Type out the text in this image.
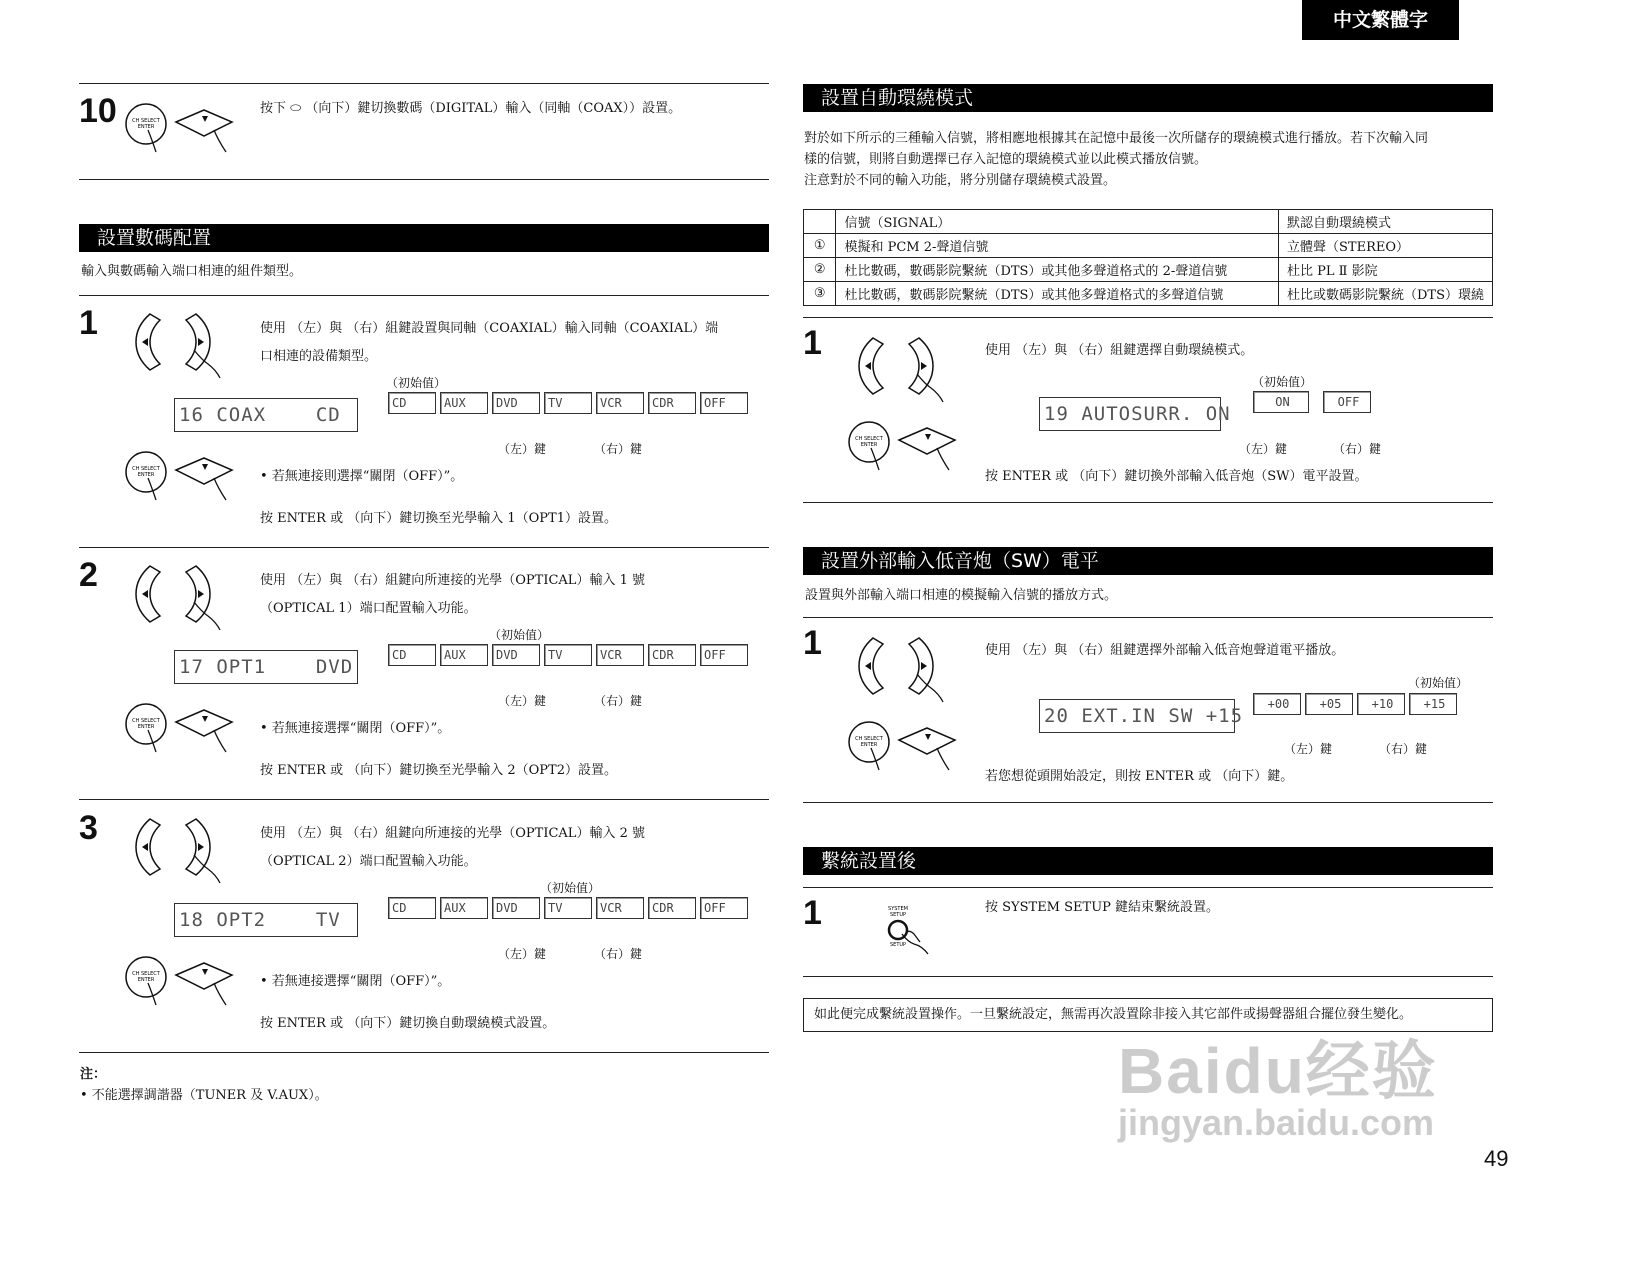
中文繁體字
10	CH SELECT
ENTER
按下 ⬭ （向下）鍵切換數碼（DIGITAL）輸入（同軸（COAX））設置。
設置數碼配置
輸入與數碼輸入端口相連的組件類型。
1	使用 （左）與 （右）組鍵設置與同軸（COAXIAL）輸入同軸（COAXIAL）端
口相連的設備類型。
（初始值）
16 COAX    CD
CD	AUX	DVD	TV	VCR	CDR	OFF
（左）鍵	（右）鍵
CH SELECT
ENTER	• 若無連接則選擇“關閉（OFF）”。
按 ENTER 或 （向下）鍵切換至光學輸入 1（OPT1）設置。
2	使用 （左）與 （右）組鍵向所連接的光學（OPTICAL）輸入 1 號
（OPTICAL 1）端口配置輸入功能。
（初始值）
17 OPT1    DVD
CD	AUX	DVD	TV	VCR	CDR	OFF
（左）鍵	（右）鍵
CH SELECT
ENTER	• 若無連接選擇“關閉（OFF）”。
按 ENTER 或 （向下）鍵切換至光學輸入 2（OPT2）設置。
3	使用 （左）與 （右）組鍵向所連接的光學（OPTICAL）輸入 2 號
（OPTICAL 2）端口配置輸入功能。
（初始值）
18 OPT2    TV
CD	AUX	DVD	TV	VCR	CDR	OFF
（左）鍵	（右）鍵
CH SELECT
ENTER	• 若無連接選擇“關閉（OFF）”。
按 ENTER 或 （向下）鍵切換自動環繞模式設置。
注：
• 不能選擇調諧器（TUNER 及 V.AUX）。
設置自動環繞模式
對於如下所示的三種輸入信號，將相應地根據其在記憶中最後一次所儲存的環繞模式進行播放。若下次輸入同
樣的信號，則將自動選擇已存入記憶的環繞模式並以此模式播放信號。
注意對於不同的輸入功能，將分別儲存環繞模式設置。
	信號（SIGNAL）	默認自動環繞模式
①	模擬和 PCM 2-聲道信號	立體聲（STEREO）
②	杜比數碼，數碼影院繫統（DTS）或其他多聲道格式的 2-聲道信號	杜比 PL Ⅱ 影院
③	杜比數碼，數碼影院繫統（DTS）或其他多聲道格式的多聲道信號	杜比或數碼影院繫統（DTS）環繞
1
CH SELECT
ENTER
使用 （左）與 （右）組鍵選擇自動環繞模式。
（初始值）
19 AUTOSURR. ON
ON	OFF
（左）鍵	（右）鍵
按 ENTER 或 （向下）鍵切換外部輸入低音炮（SW）電平設置。
設置外部輸入低音炮（SW）電平
設置與外部輸入端口相連的模擬輸入信號的播放方式。
1
CH SELECT
ENTER
使用 （左）與 （右）組鍵選擇外部輸入低音炮聲道電平播放。
（初始值）
20 EXT.IN SW +15
+00	+05	+10	+15
（左）鍵	（右）鍵
若您想從頭開始設定，則按 ENTER 或 （向下）鍵。
繫統設置後
1	SYSTEM
SETUP
SETUP
按 SYSTEM SETUP 鍵結束繫統設置。
如此便完成繫統設置操作。一旦繫統設定，無需再次設置除非接入其它部件或揚聲器組合擺位發生變化。
Baidu经验
jingyan.baidu.com
49
